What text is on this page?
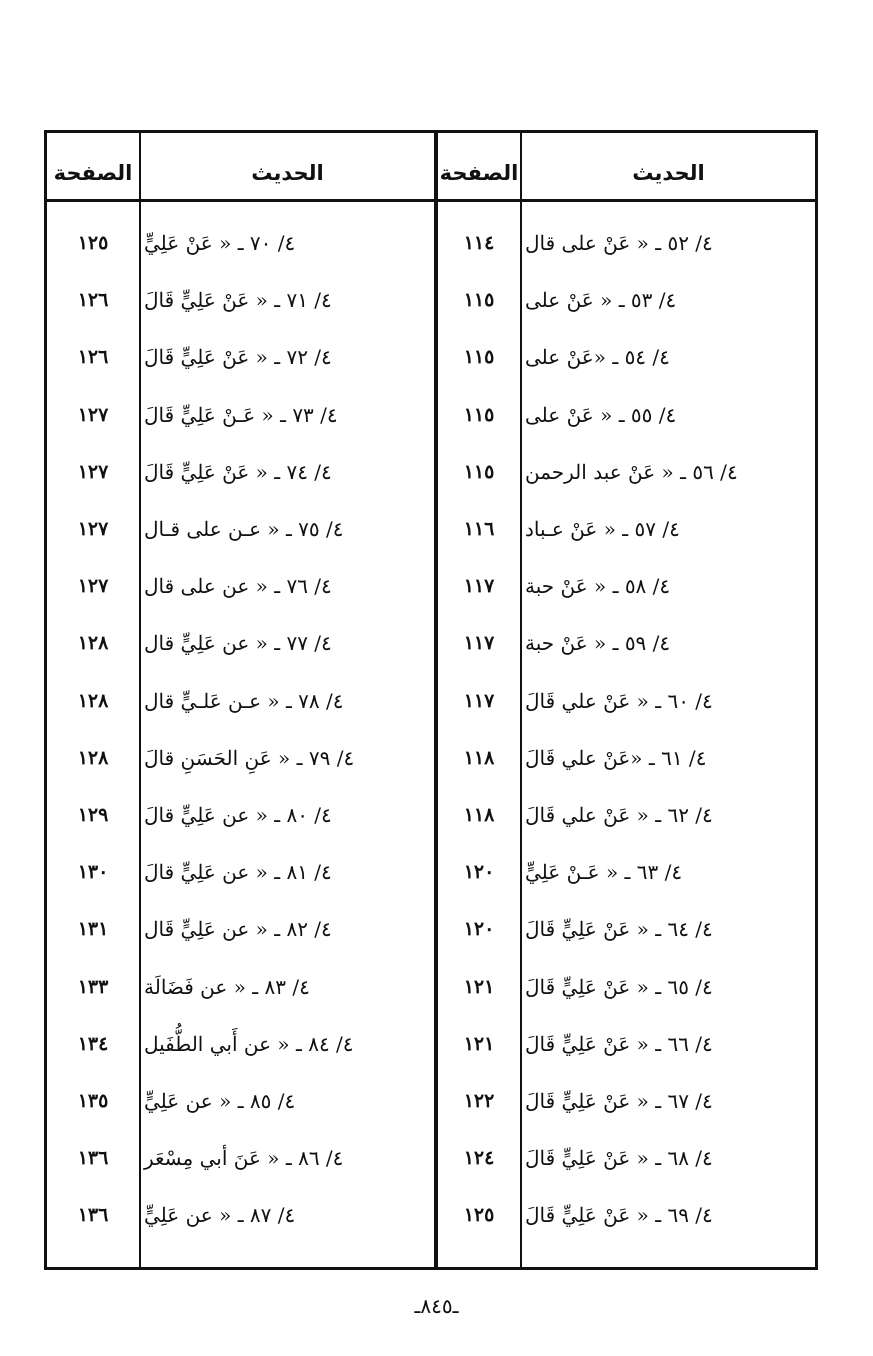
الحديث
الصفحة
الحديث
الصفحة
٤/ ٥٢ ـ « عَنْ على قال
١١٤
٤/ ٧٠ ـ « عَنْ عَلِيٍّ
١٢٥
٤/ ٥٣ ـ « عَنْ على
١١٥
٤/ ٧١ ـ « عَنْ عَلِيٍّ قَالَ
١٢٦
٤/ ٥٤ ـ «عَنْ على
١١٥
٤/ ٧٢ ـ « عَنْ عَلِيٍّ قَالَ
١٢٦
٤/ ٥٥ ـ « عَنْ على
١١٥
٤/ ٧٣ ـ « عَـنْ عَلِيٍّ قَالَ
١٢٧
٤/ ٥٦ ـ « عَنْ عبد الرحمن
١١٥
٤/ ٧٤ ـ « عَنْ عَلِيٍّ قَالَ
١٢٧
٤/ ٥٧ ـ « عَنْ عـباد
١١٦
٤/ ٧٥ ـ « عـن على قـال
١٢٧
٤/ ٥٨ ـ « عَنْ حبة
١١٧
٤/ ٧٦ ـ « عن على قال
١٢٧
٤/ ٥٩ ـ « عَنْ حبة
١١٧
٤/ ٧٧ ـ « عن عَلِيٍّ قال
١٢٨
٤/ ٦٠ ـ « عَنْ علي قَالَ
١١٧
٤/ ٧٨ ـ « عـن عَلـيٍّ قال
١٢٨
٤/ ٦١ ـ «عَنْ علي قَالَ
١١٨
٤/ ٧٩ ـ « عَنِ الحَسَنِ قالَ
١٢٨
٤/ ٦٢ ـ « عَنْ علي قَالَ
١١٨
٤/ ٨٠ ـ « عن عَلِيٍّ قالَ
١٢٩
٤/ ٦٣ ـ « عَـنْ عَلِيٍّ
١٢٠
٤/ ٨١ ـ « عن عَلِيٍّ قالَ
١٣٠
٤/ ٦٤ ـ « عَنْ عَلِيٍّ قَالَ
١٢٠
٤/ ٨٢ ـ « عن عَلِيٍّ قَال
١٣١
٤/ ٦٥ ـ « عَنْ عَلِيٍّ قَالَ
١٢١
٤/ ٨٣ ـ « عن فَضَالَة
١٣٣
٤/ ٦٦ ـ « عَنْ عَلِيٍّ قَالَ
١٢١
٤/ ٨٤ ـ « عن أَبي الطُّفَيل
١٣٤
٤/ ٦٧ ـ « عَنْ عَلِيٍّ قَالَ
١٢٢
٤/ ٨٥ ـ « عن عَلِيٍّ
١٣٥
٤/ ٦٨ ـ « عَنْ عَلِيٍّ قَالَ
١٢٤
٤/ ٨٦ ـ « عَنَ أبي مِسْعَر
١٣٦
٤/ ٦٩ ـ « عَنْ عَلِيٍّ قَالَ
١٢٥
٤/ ٨٧ ـ « عن عَلِيٍّ
١٣٦
ـ٨٤٥ـ
